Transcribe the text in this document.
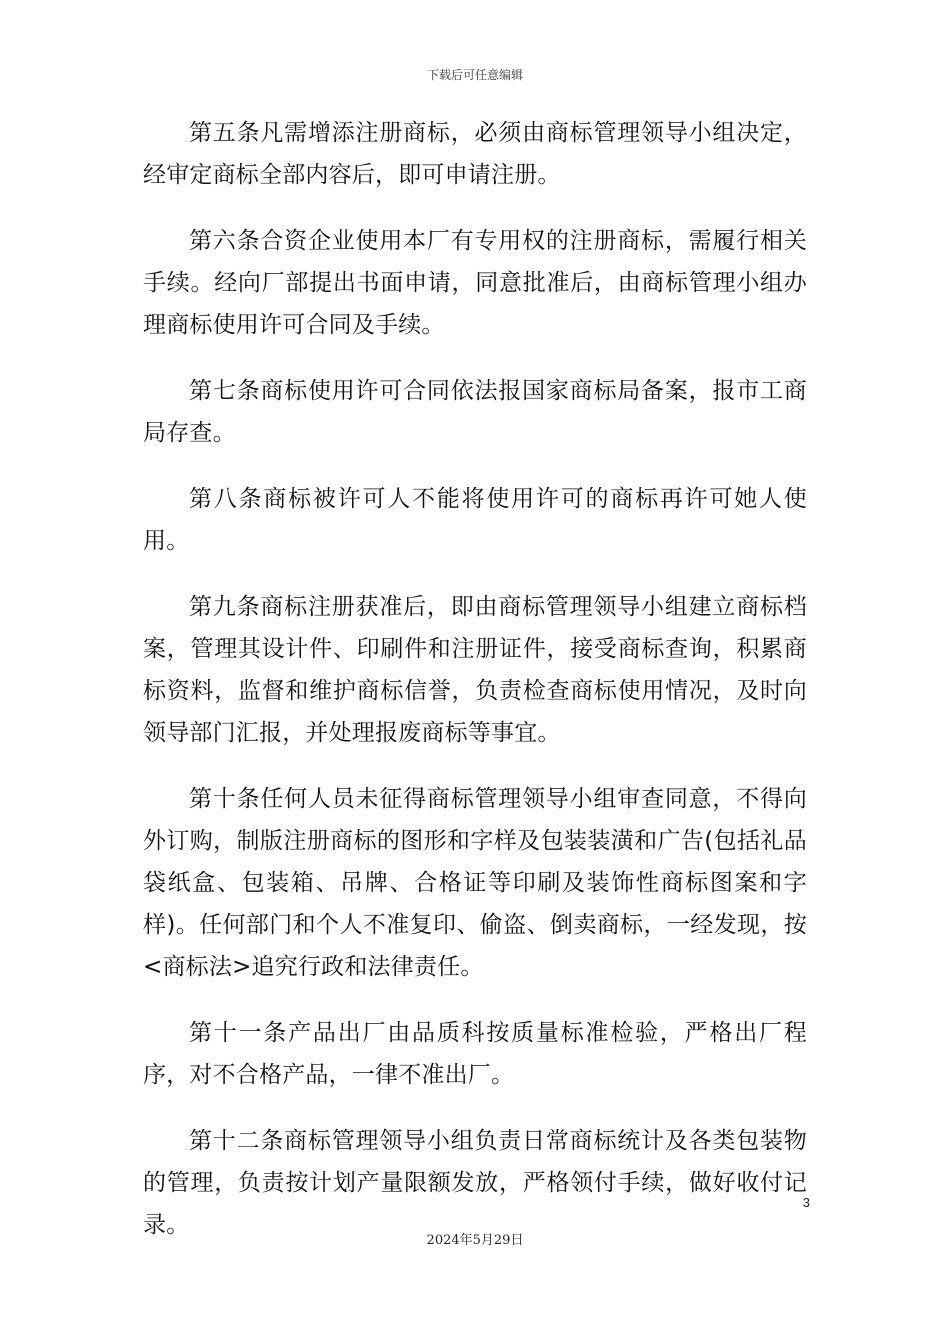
下载后可任意编辑

第五条凡需增添注册商标，必须由商标管理领导小组决定，经审定商标全部内容后，即可申请注册。

第六条合资企业使用本厂有专用权的注册商标，需履行相关手续。经向厂部提出书面申请，同意批准后，由商标管理小组办理商标使用许可合同及手续。

第七条商标使用许可合同依法报国家商标局备案，报市工商局存查。

第八条商标被许可人不能将使用许可的商标再许可她人使用。

第九条商标注册获准后，即由商标管理领导小组建立商标档案，管理其设计件、印刷件和注册证件，接受商标查询，积累商标资料，监督和维护商标信誉，负责检查商标使用情况，及时向领导部门汇报，并处理报废商标等事宜。

第十条任何人员未征得商标管理领导小组审查同意，不得向外订购，制版注册商标的图形和字样及包装装潢和广告(包括礼品袋纸盒、包装箱、吊牌、合格证等印刷及装饰性商标图案和字样)。任何部门和个人不准复印、偷盗、倒卖商标，一经发现，按<商标法>追究行政和法律责任。

第十一条产品出厂由品质科按质量标准检验，严格出厂程序，对不合格产品，一律不准出厂。

第十二条商标管理领导小组负责日常商标统计及各类包装物的管理，负责按计划产量限额发放，严格领付手续，做好收付记录。

3
2024年5月29日
